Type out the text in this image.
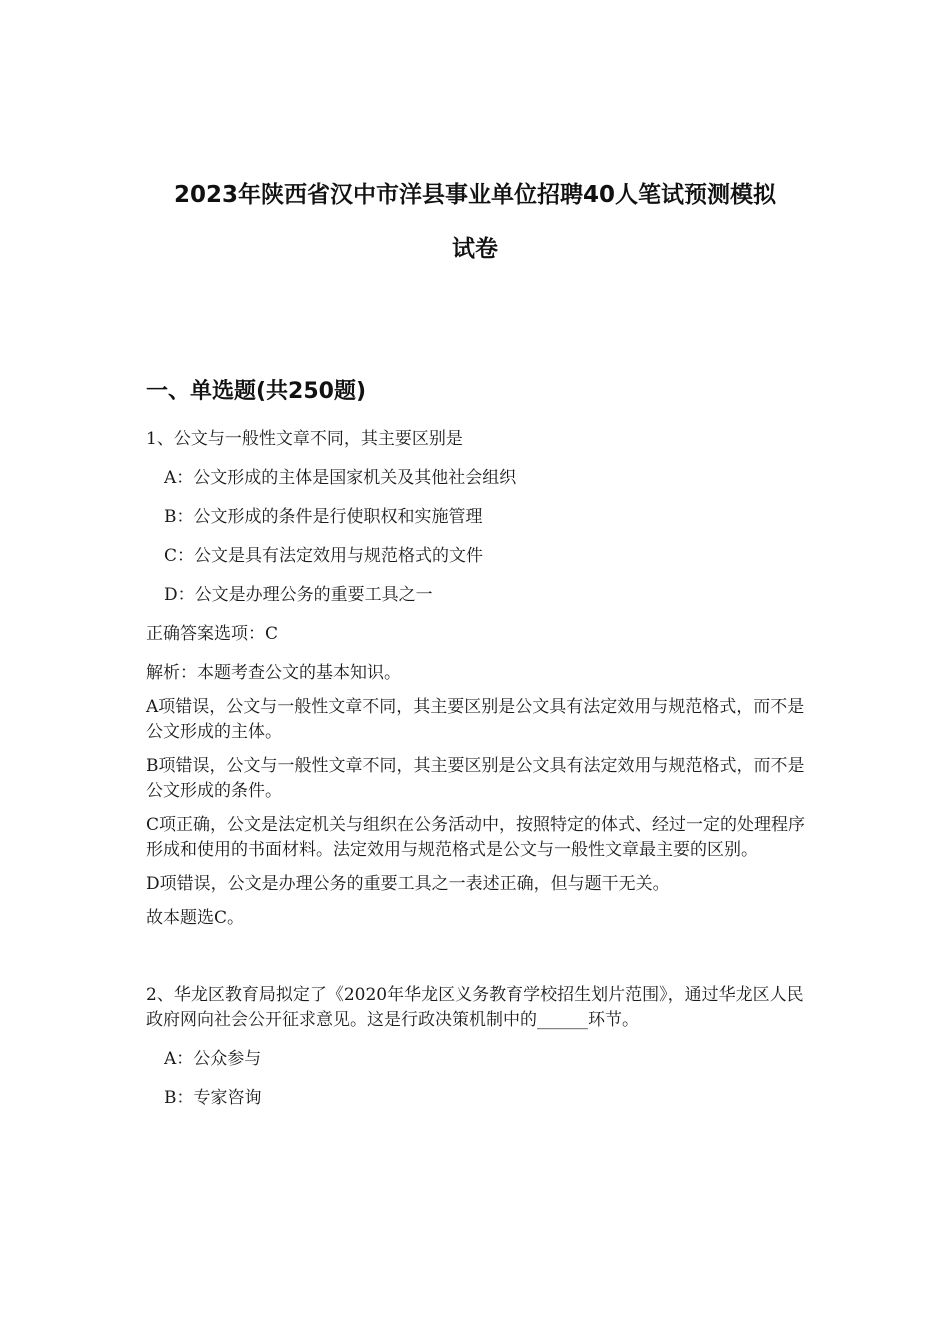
2023年陕西省汉中市洋县事业单位招聘40人笔试预测模拟
试卷
一、单选题(共250题)

1、公文与一般性文章不同，其主要区别是

A：公文形成的主体是国家机关及其他社会组织

B：公文形成的条件是行使职权和实施管理

C：公文是具有法定效用与规范格式的文件

D：公文是办理公务的重要工具之一

正确答案选项：C

解析：本题考查公文的基本知识。

A项错误，公文与一般性文章不同，其主要区别是公文具有法定效用与规范格式，而不是公文形成的主体。

B项错误，公文与一般性文章不同，其主要区别是公文具有法定效用与规范格式，而不是公文形成的条件。

C项正确，公文是法定机关与组织在公务活动中，按照特定的体式、经过一定的处理程序形成和使用的书面材料。法定效用与规范格式是公文与一般性文章最主要的区别。

D项错误，公文是办理公务的重要工具之一表述正确，但与题干无关。

故本题选C。

2、华龙区教育局拟定了《2020年华龙区义务教育学校招生划片范围》，通过华龙区人民政府网向社会公开征求意见。这是行政决策机制中的______环节。

A：公众参与

B：专家咨询
